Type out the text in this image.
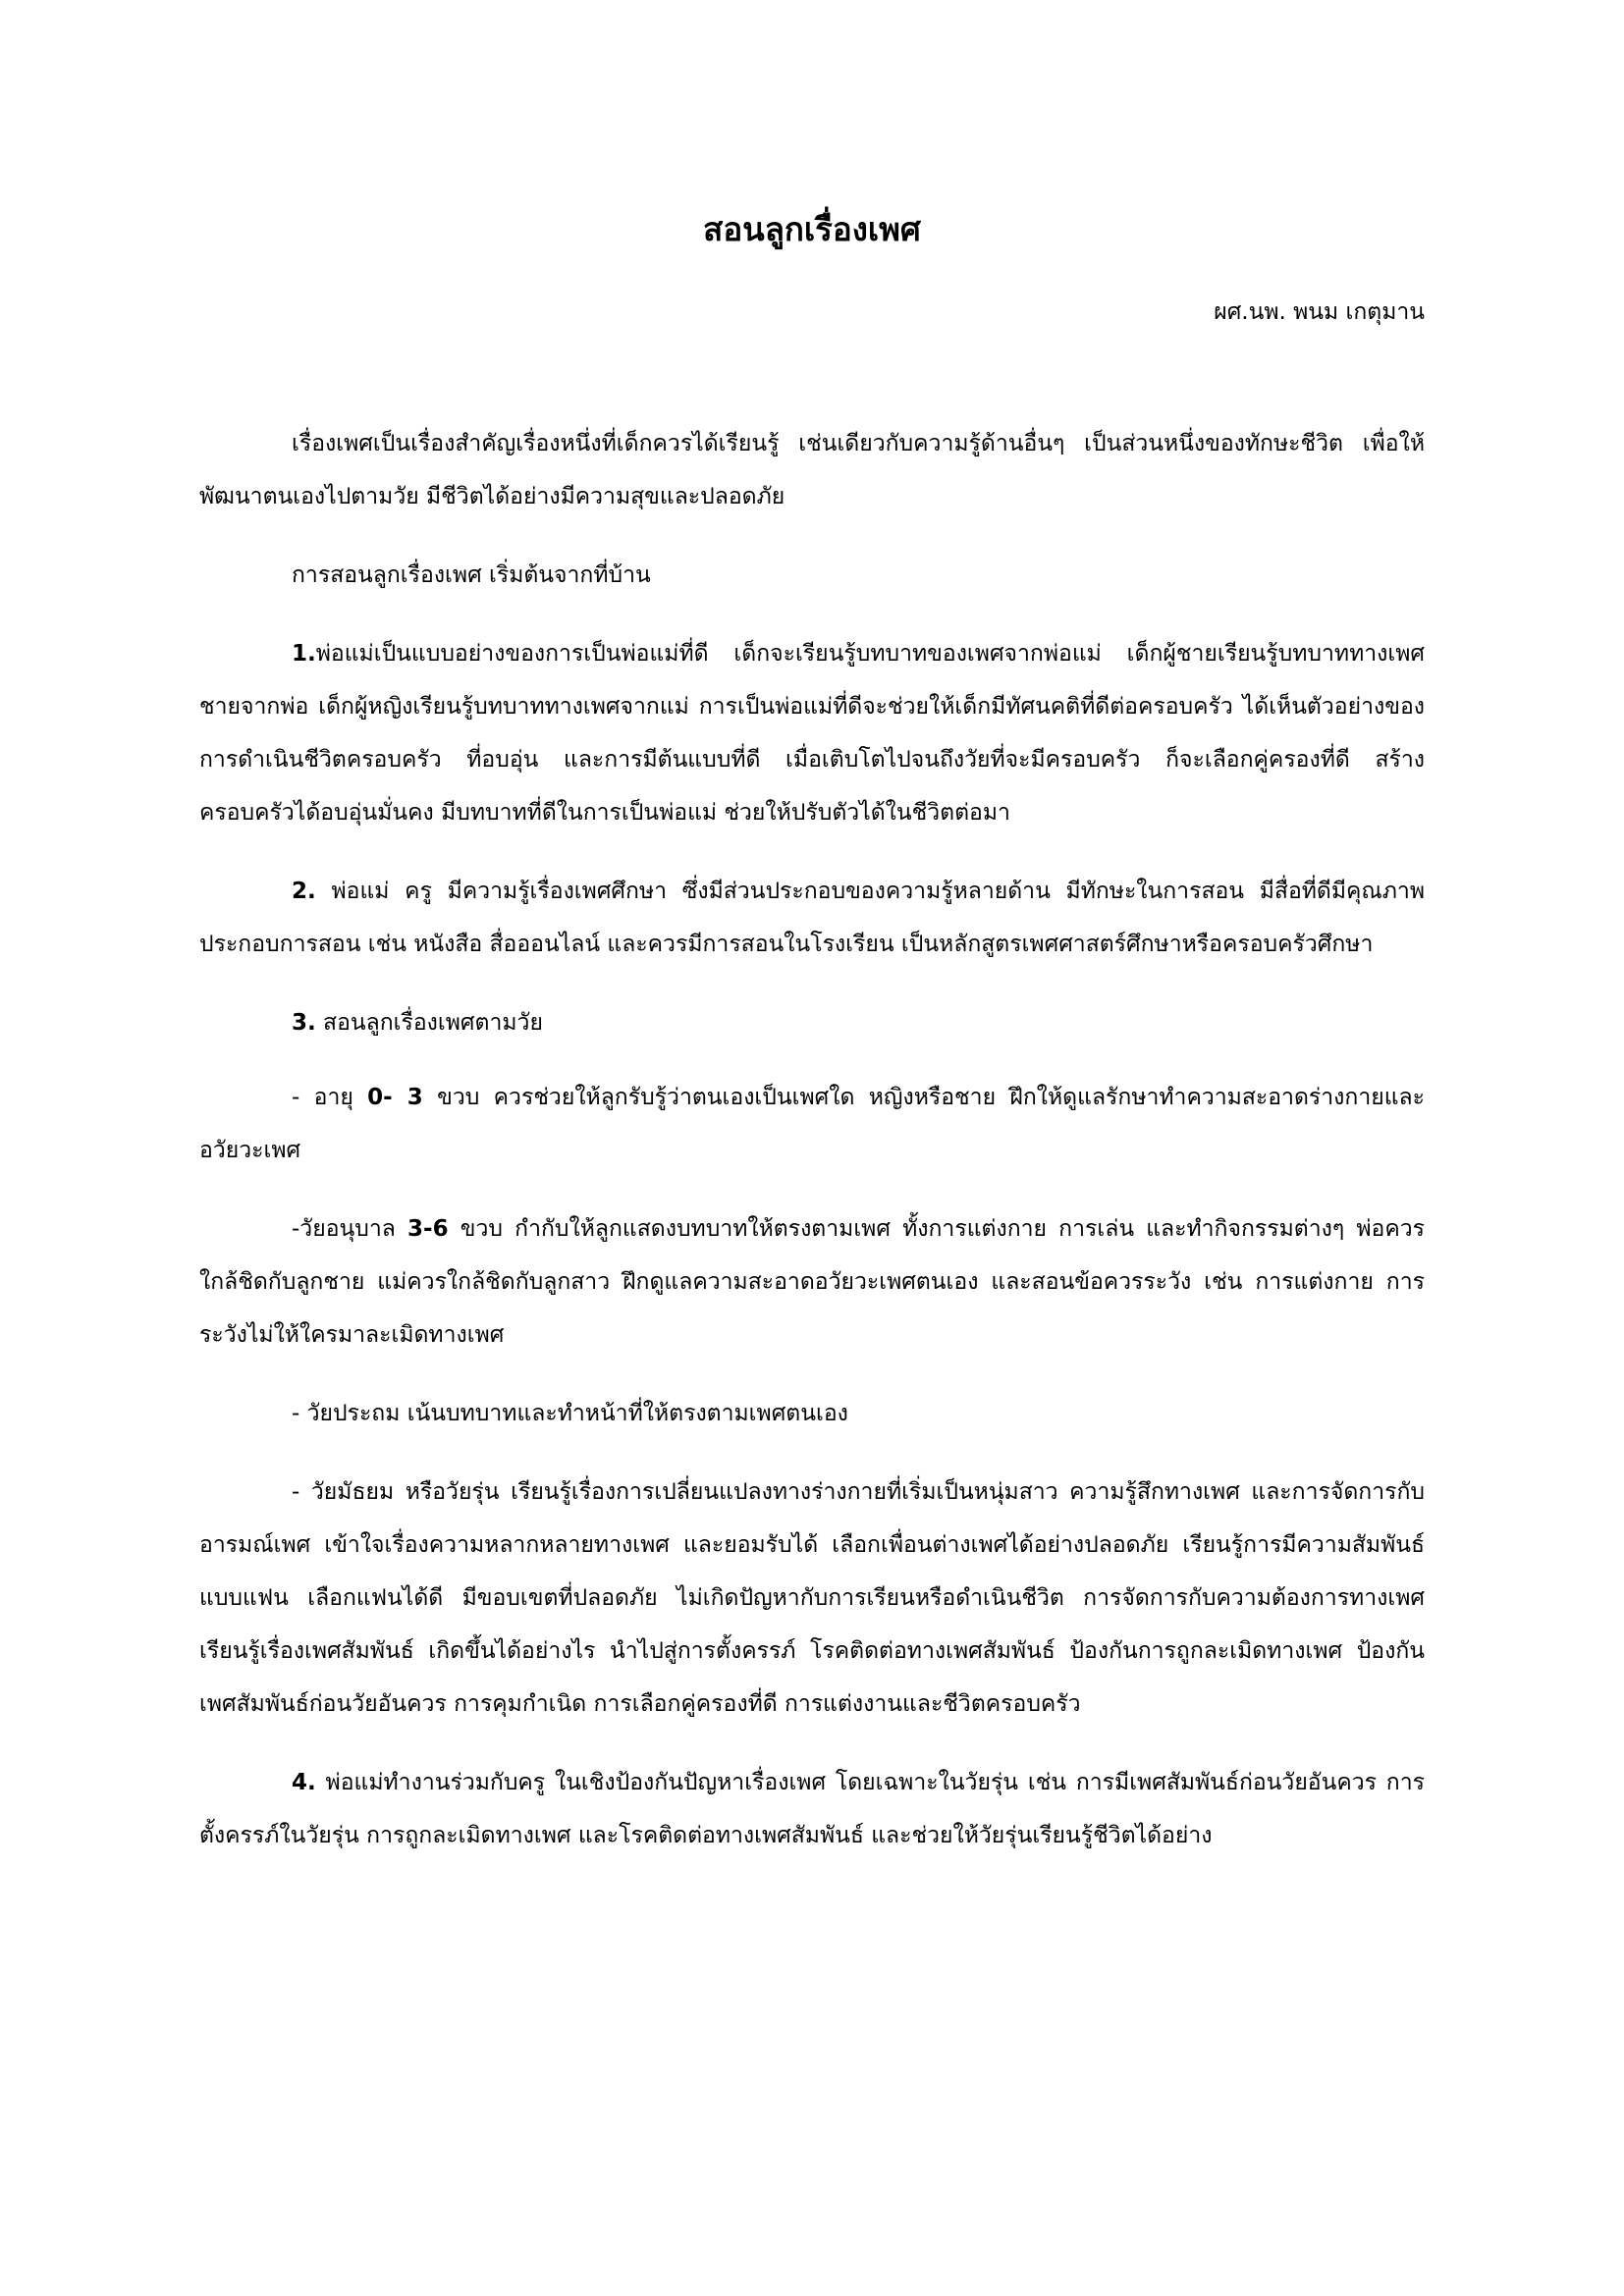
สอนลูกเรื่องเพศ

ผศ.นพ. พนม เกตุมาน

เรื่องเพศเป็นเรื่องสำคัญเรื่องหนึ่งที่เด็กควรได้เรียนรู้ เช่นเดียวกับความรู้ด้านอื่นๆ เป็นส่วนหนึ่งของทักษะชีวิต เพื่อให้พัฒนาตนเองไปตามวัย มีชีวิตได้อย่างมีความสุขและปลอดภัย

การสอนลูกเรื่องเพศ เริ่มต้นจากที่บ้าน

1.พ่อแม่เป็นแบบอย่างของการเป็นพ่อแม่ที่ดี เด็กจะเรียนรู้บทบาทของเพศจากพ่อแม่ เด็กผู้ชายเรียนรู้บทบาททางเพศชายจากพ่อ เด็กผู้หญิงเรียนรู้บทบาททางเพศจากแม่ การเป็นพ่อแม่ที่ดีจะช่วยให้เด็กมีทัศนคติที่ดีต่อครอบครัว ได้เห็นตัวอย่างของการดำเนินชีวิตครอบครัว ที่อบอุ่น และการมีต้นแบบที่ดี เมื่อเติบโตไปจนถึงวัยที่จะมีครอบครัว ก็จะเลือกคู่ครองที่ดี สร้างครอบครัวได้อบอุ่นมั่นคง มีบทบาทที่ดีในการเป็นพ่อแม่ ช่วยให้ปรับตัวได้ในชีวิตต่อมา

2. พ่อแม่ ครู มีความรู้เรื่องเพศศึกษา ซึ่งมีส่วนประกอบของความรู้หลายด้าน มีทักษะในการสอน มีสื่อที่ดีมีคุณภาพประกอบการสอน เช่น หนังสือ สื่อออนไลน์ และควรมีการสอนในโรงเรียน เป็นหลักสูตรเพศศาสตร์ศึกษาหรือครอบครัวศึกษา

3. สอนลูกเรื่องเพศตามวัย

- อายุ 0- 3 ขวบ ควรช่วยให้ลูกรับรู้ว่าตนเองเป็นเพศใด หญิงหรือชาย ฝึกให้ดูแลรักษาทำความสะอาดร่างกายและอวัยวะเพศ

-วัยอนุบาล 3-6 ขวบ กำกับให้ลูกแสดงบทบาทให้ตรงตามเพศ ทั้งการแต่งกาย การเล่น และทำกิจกรรมต่างๆ พ่อควรใกล้ชิดกับลูกชาย แม่ควรใกล้ชิดกับลูกสาว ฝึกดูแลความสะอาดอวัยวะเพศตนเอง และสอนข้อควรระวัง เช่น การแต่งกาย การระวังไม่ให้ใครมาละเมิดทางเพศ

- วัยประถม เน้นบทบาทและทำหน้าที่ให้ตรงตามเพศตนเอง

- วัยมัธยม หรือวัยรุ่น เรียนรู้เรื่องการเปลี่ยนแปลงทางร่างกายที่เริ่มเป็นหนุ่มสาว ความรู้สึกทางเพศ และการจัดการกับอารมณ์เพศ เข้าใจเรื่องความหลากหลายทางเพศ และยอมรับได้ เลือกเพื่อนต่างเพศได้อย่างปลอดภัย เรียนรู้การมีความสัมพันธ์แบบแฟน เลือกแฟนได้ดี มีขอบเขตที่ปลอดภัย ไม่เกิดปัญหากับการเรียนหรือดำเนินชีวิต การจัดการกับความต้องการทางเพศ เรียนรู้เรื่องเพศสัมพันธ์ เกิดขึ้นได้อย่างไร นำไปสู่การตั้งครรภ์ โรคติดต่อทางเพศสัมพันธ์ ป้องกันการถูกละเมิดทางเพศ ป้องกันเพศสัมพันธ์ก่อนวัยอันควร การคุมกำเนิด การเลือกคู่ครองที่ดี การแต่งงานและชีวิตครอบครัว

4. พ่อแม่ทำงานร่วมกับครู ในเชิงป้องกันปัญหาเรื่องเพศ โดยเฉพาะในวัยรุ่น เช่น การมีเพศสัมพันธ์ก่อนวัยอันควร การตั้งครรภ์ในวัยรุ่น การถูกละเมิดทางเพศ และโรคติดต่อทางเพศสัมพันธ์ และช่วยให้วัยรุ่นเรียนรู้ชีวิตได้อย่าง
